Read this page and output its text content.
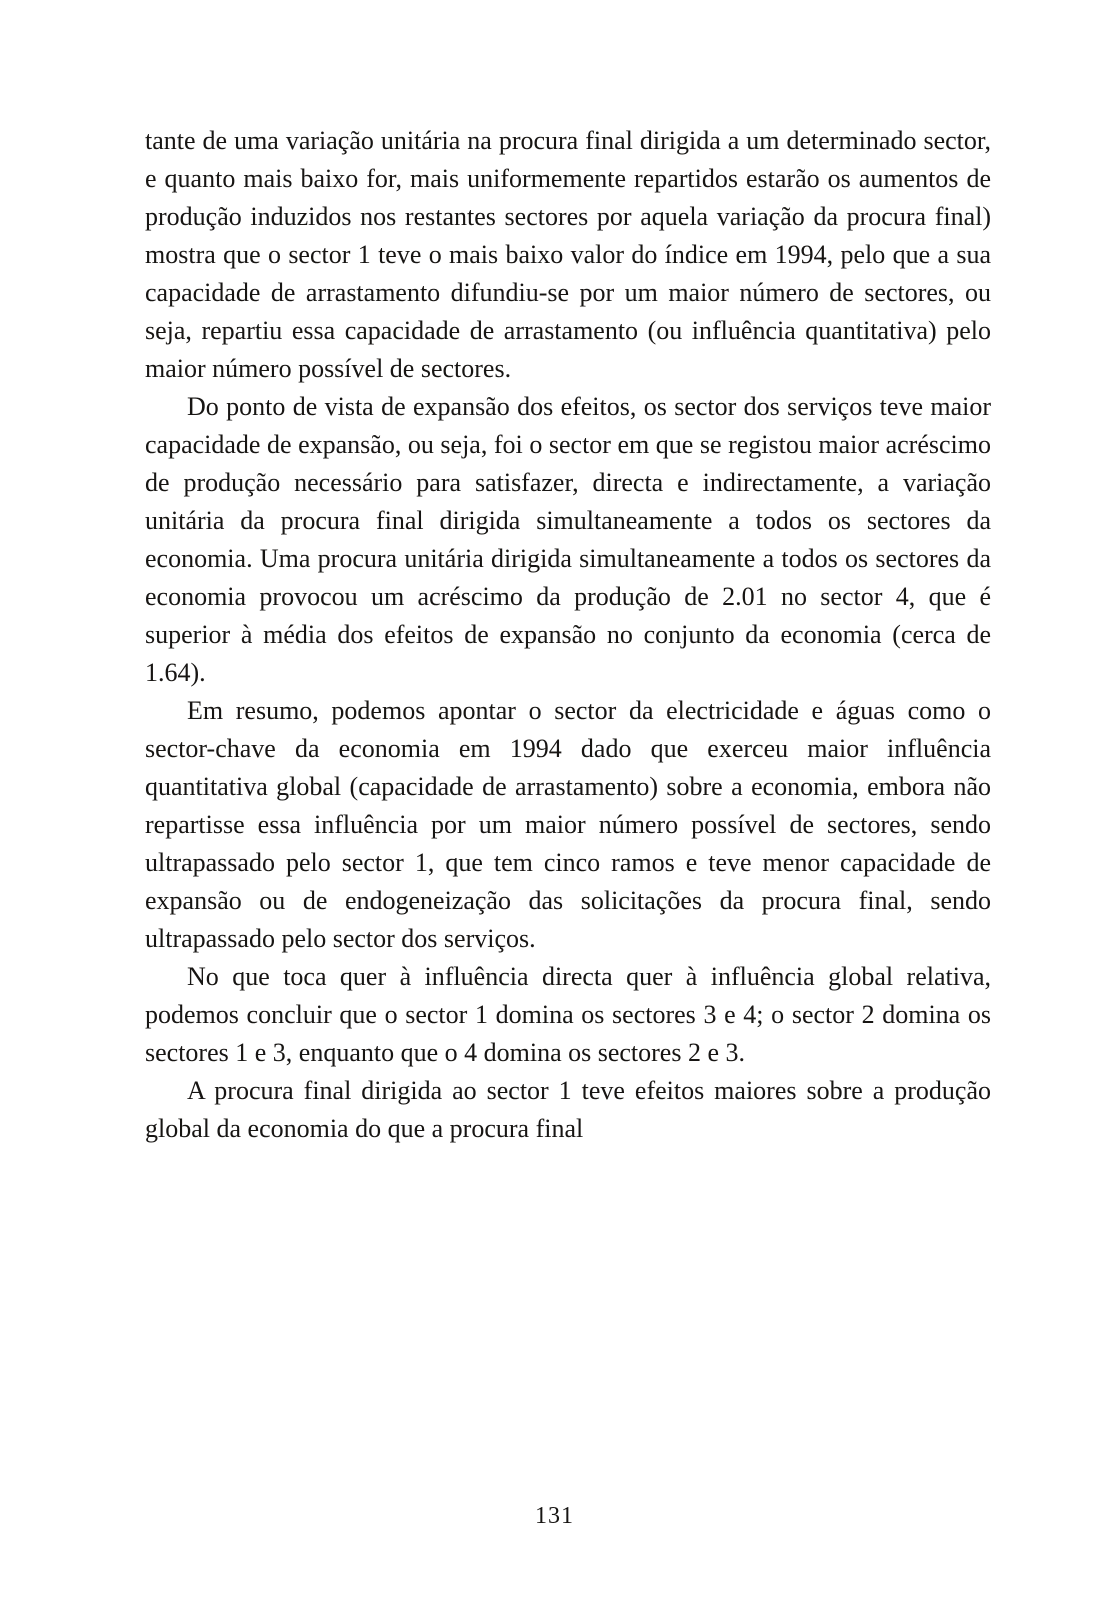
tante de uma variação unitária na procura final dirigida a um determinado sector, e quanto mais baixo for, mais uniformemente repartidos estarão os aumentos de produção induzidos nos restantes sectores por aquela variação da procura final) mostra que o sector 1 teve o mais baixo valor do índice em 1994, pelo que a sua capacidade de arrastamento difundiu-se por um maior número de sectores, ou seja, repartiu essa capacidade de arrastamento (ou influência quantitativa) pelo maior número possível de sectores.

Do ponto de vista de expansão dos efeitos, os sector dos serviços teve maior capacidade de expansão, ou seja, foi o sector em que se registou maior acréscimo de produção necessário para satisfazer, directa e indirectamente, a variação unitária da procura final dirigida simultaneamente a todos os sectores da economia. Uma procura unitária dirigida simultaneamente a todos os sectores da economia provocou um acréscimo da produção de 2.01 no sector 4, que é superior à média dos efeitos de expansão no conjunto da economia (cerca de 1.64).

Em resumo, podemos apontar o sector da electricidade e águas como o sector-chave da economia em 1994 dado que exerceu maior influência quantitativa global (capacidade de arrastamento) sobre a economia, embora não repartisse essa influência por um maior número possível de sectores, sendo ultrapassado pelo sector 1, que tem cinco ramos e teve menor capacidade de expansão ou de endogeneização das solicitações da procura final, sendo ultrapassado pelo sector dos serviços.

No que toca quer à influência directa quer à influência global relativa, podemos concluir que o sector 1 domina os sectores 3 e 4; o sector 2 domina os sectores 1 e 3, enquanto que o 4 domina os sectores 2 e 3.

A procura final dirigida ao sector 1 teve efeitos maiores sobre a produção global da economia do que a procura final

131
